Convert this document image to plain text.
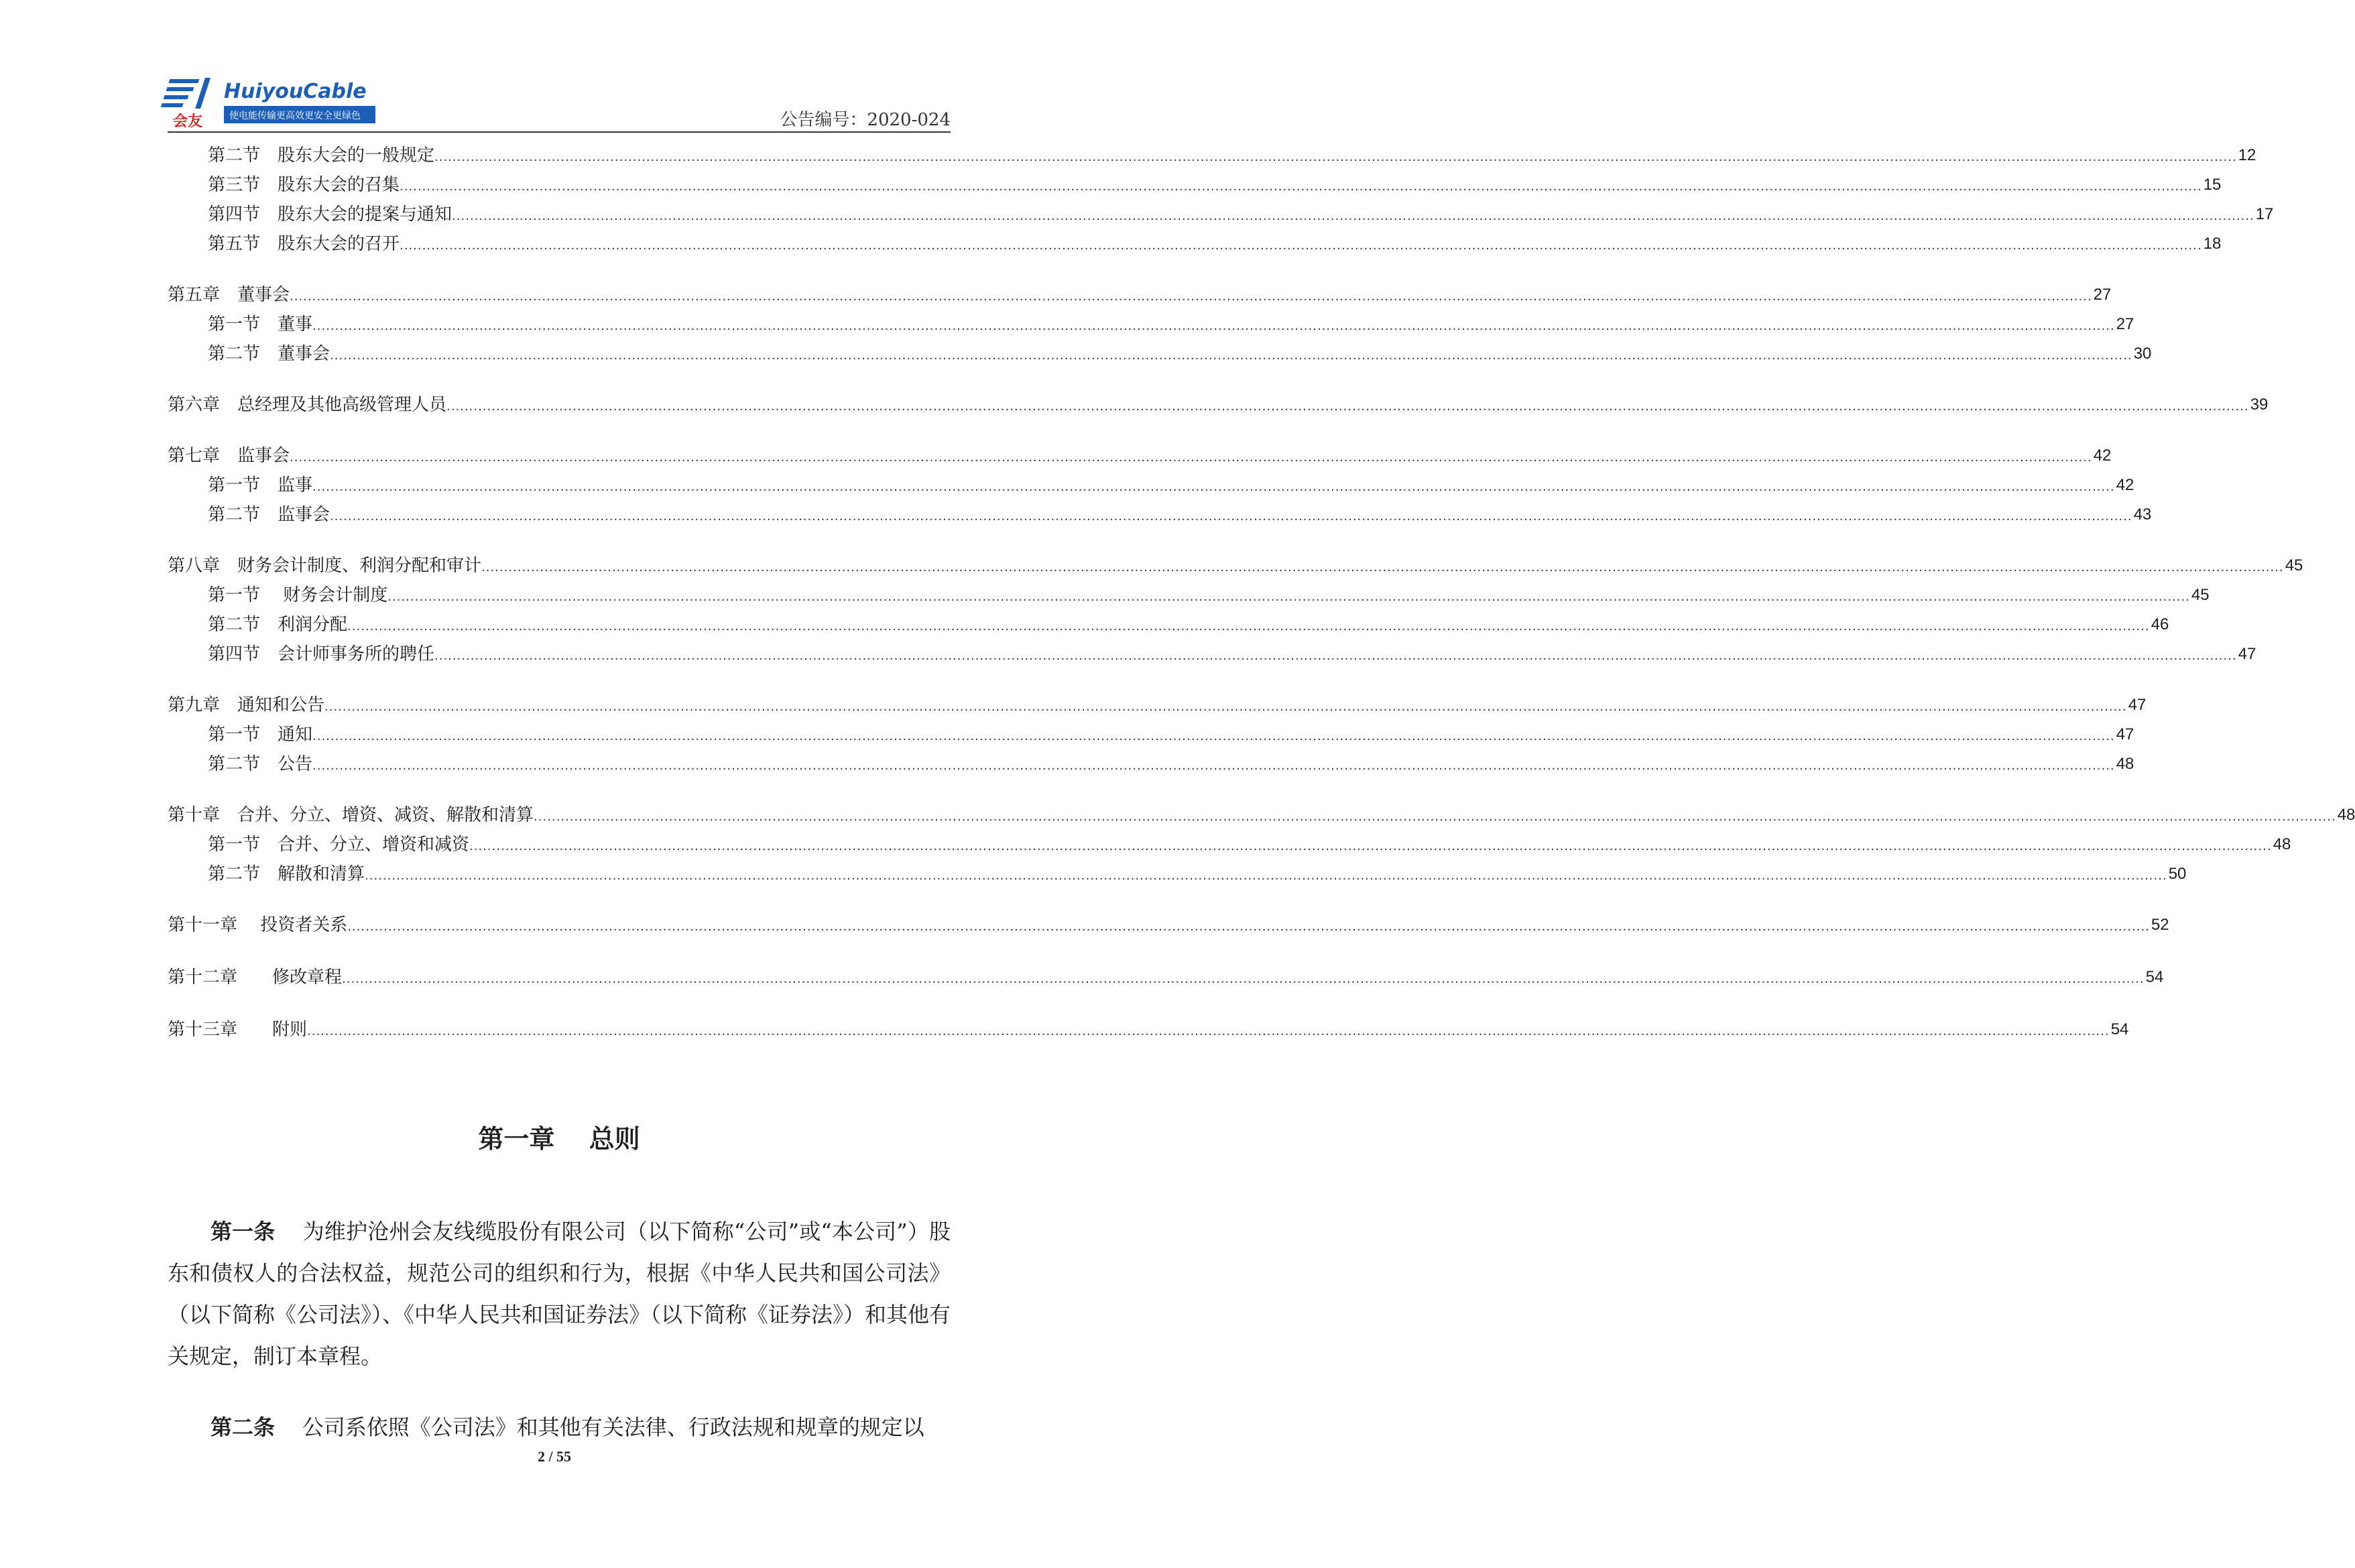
会友
HuiyouCable
使电能传输更高效更安全更绿色	公告编号：2020-024
第二节　股东大会的一般规定 ................................................................................................................................................................................................................................................................................................................................................................................................................ 12
第三节　股东大会的召集 ................................................................................................................................................................................................................................................................................................................................................................................................................ 15
第四节　股东大会的提案与通知 ................................................................................................................................................................................................................................................................................................................................................................................................................ 17
第五节　股东大会的召开 ................................................................................................................................................................................................................................................................................................................................................................................................................ 18
第五章　董事会 ................................................................................................................................................................................................................................................................................................................................................................................................................ 27
第一节　董事 ................................................................................................................................................................................................................................................................................................................................................................................................................ 27
第二节　董事会 ................................................................................................................................................................................................................................................................................................................................................................................................................ 30
第六章　总经理及其他高级管理人员 ................................................................................................................................................................................................................................................................................................................................................................................................................ 39
第七章　监事会 ................................................................................................................................................................................................................................................................................................................................................................................................................ 42
第一节　监事 ................................................................................................................................................................................................................................................................................................................................................................................................................ 42
第二节　监事会 ................................................................................................................................................................................................................................................................................................................................................................................................................ 43
第八章　财务会计制度、利润分配和审计 ................................................................................................................................................................................................................................................................................................................................................................................................................ 45
第一节　 财务会计制度 ................................................................................................................................................................................................................................................................................................................................................................................................................ 45
第二节　利润分配 ................................................................................................................................................................................................................................................................................................................................................................................................................ 46
第四节　会计师事务所的聘任 ................................................................................................................................................................................................................................................................................................................................................................................................................ 47
第九章　通知和公告 ................................................................................................................................................................................................................................................................................................................................................................................................................ 47
第一节　通知 ................................................................................................................................................................................................................................................................................................................................................................................................................ 47
第二节　公告 ................................................................................................................................................................................................................................................................................................................................................................................................................ 48
第十章　合并、分立、增资、减资、解散和清算 ................................................................................................................................................................................................................................................................................................................................................................................................................ 48
第一节　合并、分立、增资和减资 ................................................................................................................................................................................................................................................................................................................................................................................................................ 48
第二节　解散和清算 ................................................................................................................................................................................................................................................................................................................................................................................................................ 50
第十一章　 投资者关系 ................................................................................................................................................................................................................................................................................................................................................................................................................ 52
第十二章　　修改章程 ................................................................................................................................................................................................................................................................................................................................................................................................................ 54
第十三章　　附则 ................................................................................................................................................................................................................................................................................................................................................................................................................ 54
第一章　 总则
第一条 为维护沧州会友线缆股份有限公司（以下简称“公司”或“本公司”）股东和债权人的合法权益，规范公司的组织和行为，根据《中华人民共和国公司法》（以下简称《公司法》）、《中华人民共和国证券法》（以下简称《证券法》）和其他有关规定，制订本章程。
第二条 公司系依照《公司法》和其他有关法律、行政法规和规章的规定以
2 / 55
